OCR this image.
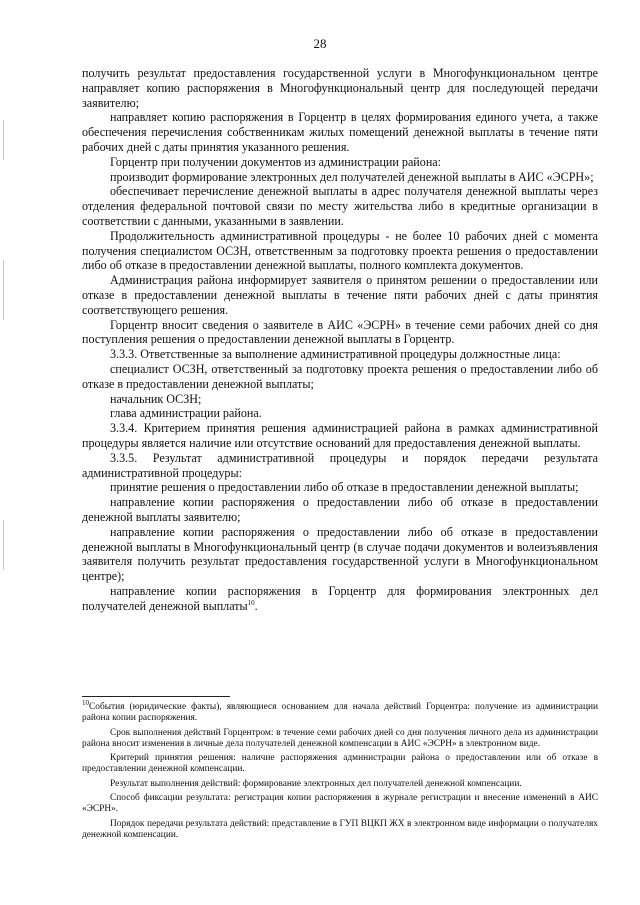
28

получить результат предоставления государственной услуги в Многофункциональном центре направляет копию распоряжения в Многофункциональный центр для последующей передачи заявителю;

направляет копию распоряжения в Горцентр в целях формирования единого учета, а также обеспечения перечисления собственникам жилых помещений денежной выплаты в течение пяти рабочих дней с даты принятия указанного решения.

Горцентр при получении документов из администрации района:

производит формирование электронных дел получателей денежной выплаты в АИС «ЭСРН»;

обеспечивает перечисление денежной выплаты в адрес получателя денежной выплаты через отделения федеральной почтовой связи по месту жительства либо в кредитные организации в соответствии с данными, указанными в заявлении.

Продолжительность административной процедуры - не более 10 рабочих дней с момента получения специалистом ОСЗН, ответственным за подготовку проекта решения о предоставлении либо об отказе в предоставлении денежной выплаты, полного комплекта документов.

Администрация района информирует заявителя о принятом решении о предоставлении или отказе в предоставлении денежной выплаты в течение пяти рабочих дней с даты принятия соответствующего решения.

Горцентр вносит сведения о заявителе в АИС «ЭСРН» в течение семи рабочих дней со дня поступления решения о предоставлении денежной выплаты в Горцентр.

3.3.3. Ответственные за выполнение административной процедуры должностные лица:

специалист ОСЗН, ответственный за подготовку проекта решения о предоставлении либо об отказе в предоставлении денежной выплаты;

начальник ОСЗН;

глава администрации района.

3.3.4. Критерием принятия решения администрацией района в рамках административной процедуры является наличие или отсутствие оснований для предоставления денежной выплаты.

3.3.5. Результат административной процедуры и порядок передачи результата административной процедуры:

принятие решения о предоставлении либо об отказе в предоставлении денежной выплаты;

направление копии распоряжения о предоставлении либо об отказе в предоставлении денежной выплаты заявителю;

направление копии распоряжения о предоставлении либо об отказе в предоставлении денежной выплаты в Многофункциональный центр (в случае подачи документов и волеизъявления заявителя получить результат предоставления государственной услуги в Многофункциональном центре);

направление копии распоряжения в Горцентр для формирования электронных дел получателей денежной выплаты$^{10}$.

$^{10}$События (юридические факты), являющиеся основанием для начала действий Горцентра: получение из администрации района копии распоряжения.

Срок выполнения действий Горцентром: в течение семи рабочих дней со дня получения личного дела из администрации района вносит изменения в личные дела получателей денежной компенсации в АИС «ЭСРН» в электронном виде.

Критерий принятия решения: наличие распоряжения администрации района о предоставлении или об отказе в предоставлении денежной компенсации.

Результат выполнения действий: формирование электронных дел получателей денежной компенсации.

Способ фиксации результата: регистрация копии распоряжения в журнале регистрации и внесение изменений в АИС «ЭСРН».

Порядок передачи результата действий: представление в ГУП ВЦКП ЖХ в электронном виде информации о получателях денежной компенсации.
